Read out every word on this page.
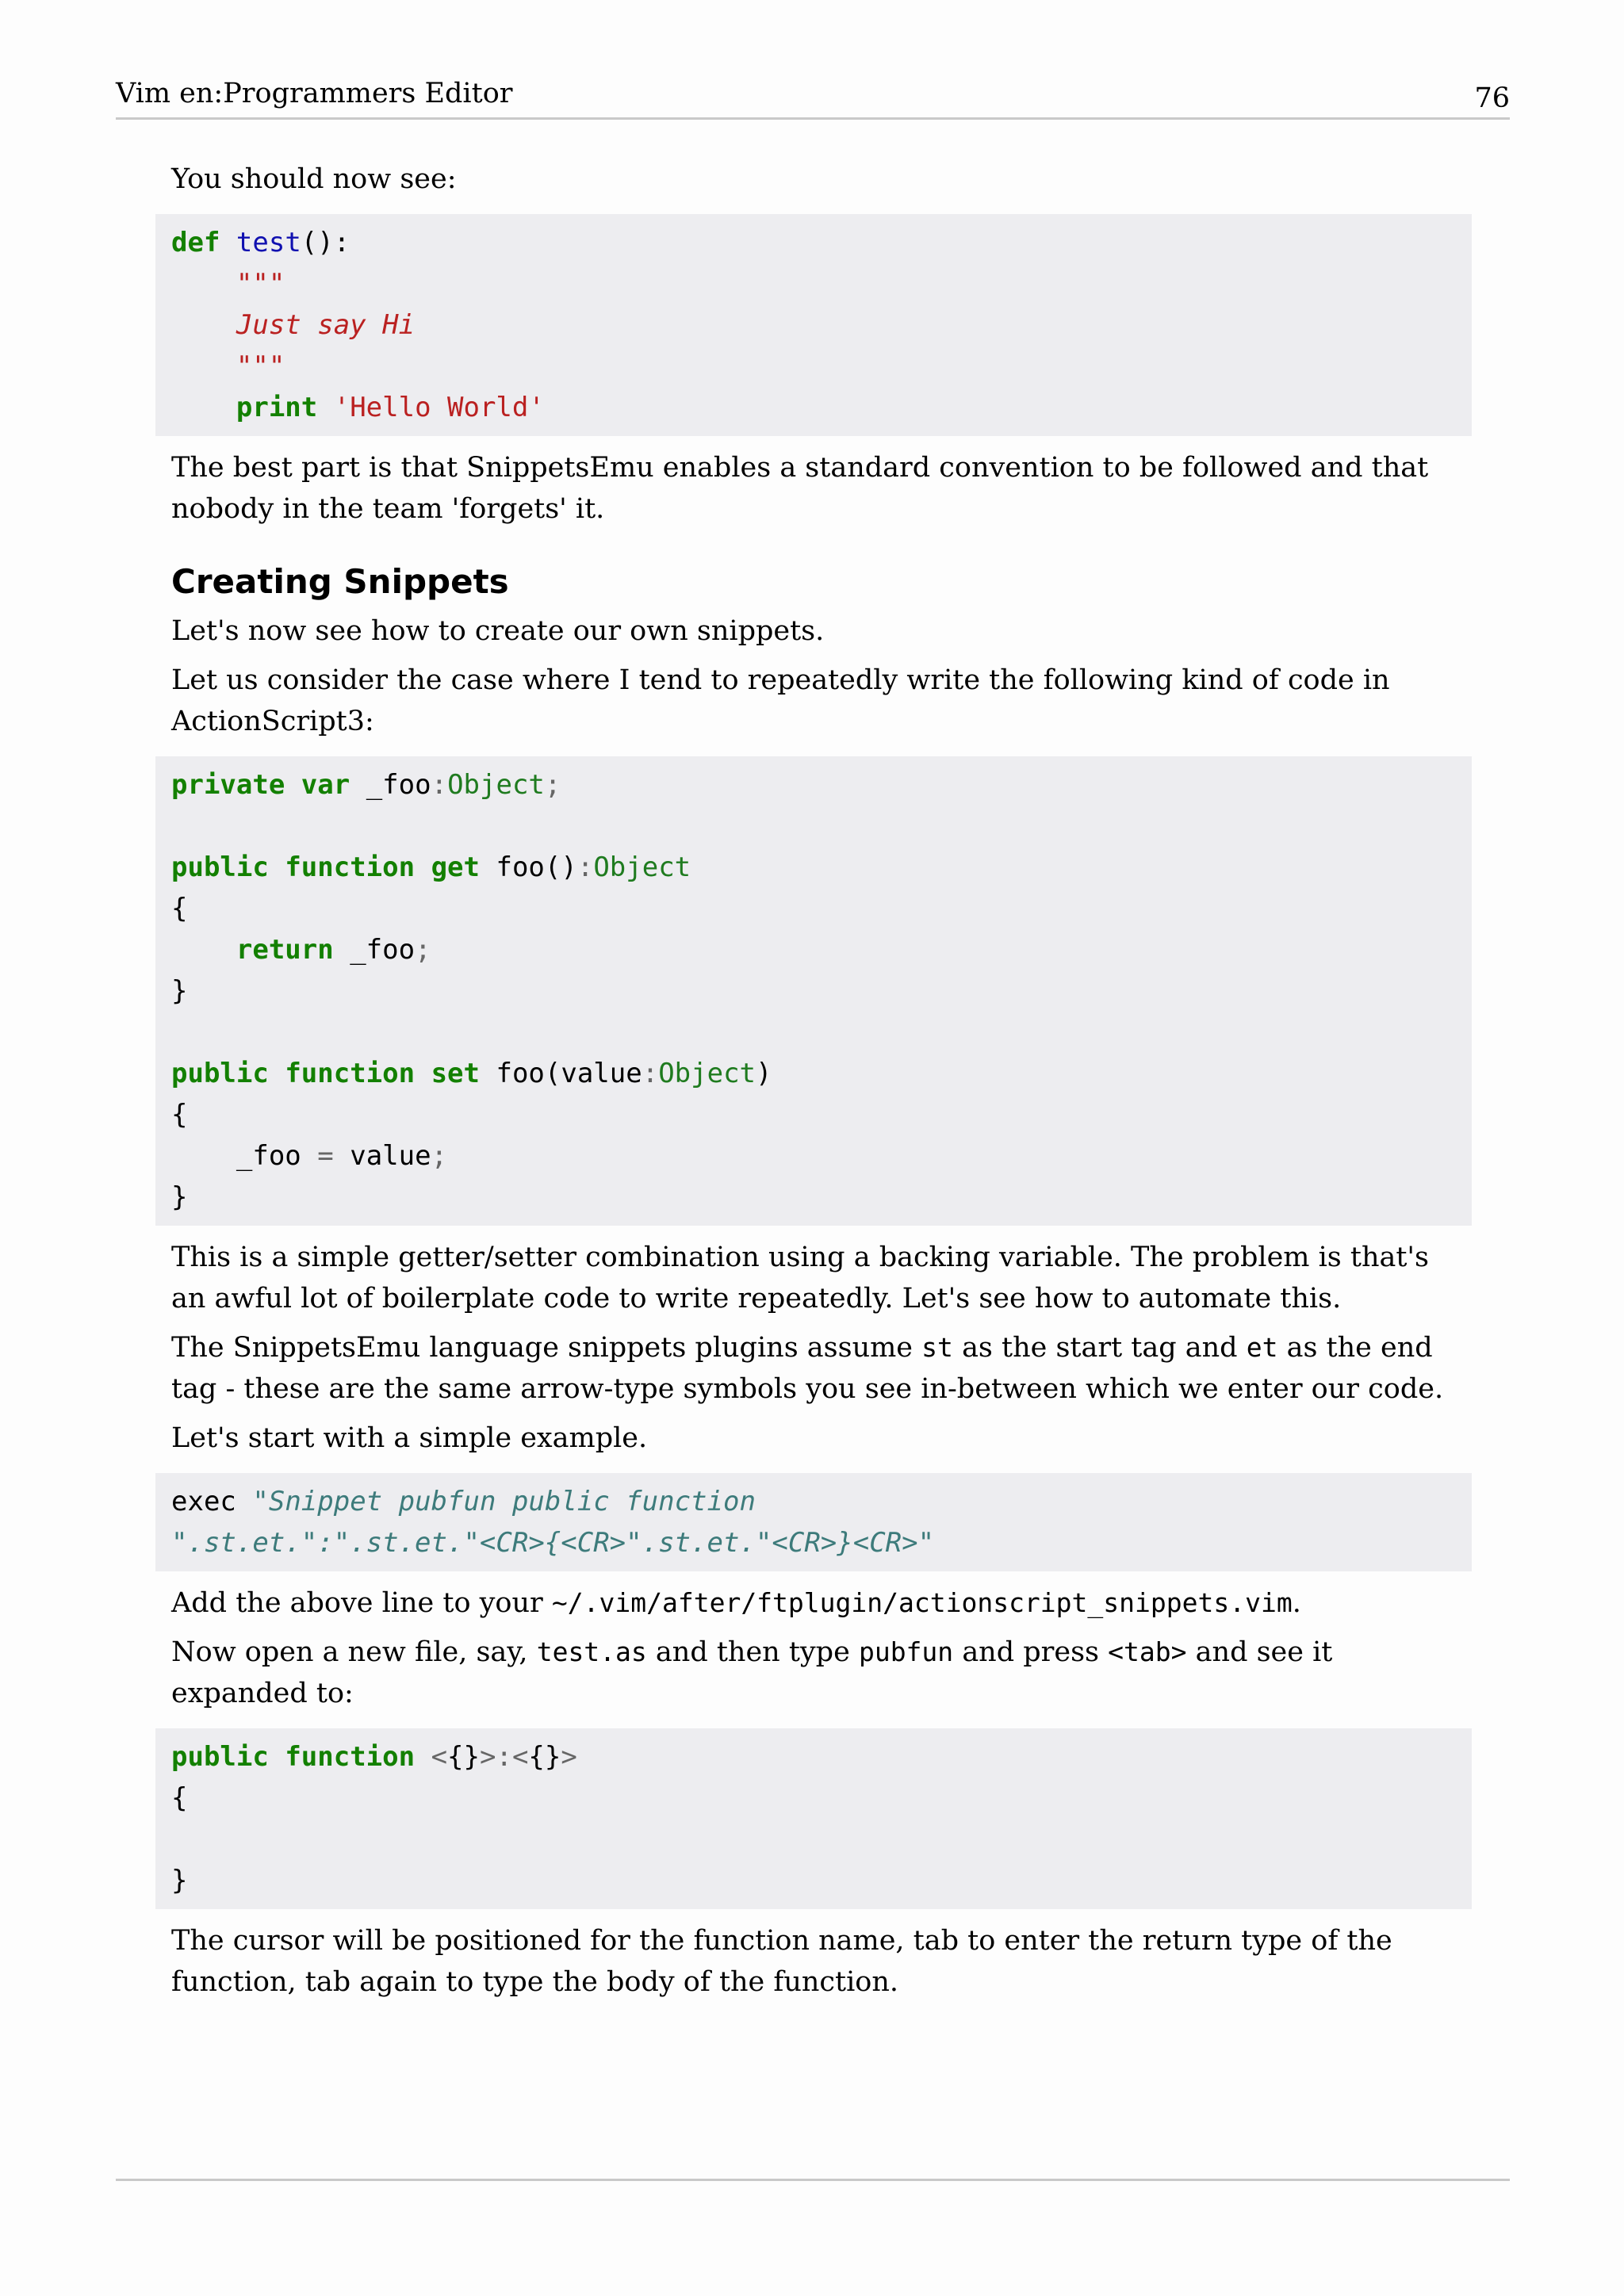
Vim en:Programmers Editor	76

You should now see:

def test():
"""
Just say Hi
"""
print 'Hello World'

The best part is that SnippetsEmu enables a standard convention to be followed and that nobody in the team 'forgets' it.

Creating Snippets

Let's now see how to create our own snippets.

Let us consider the case where I tend to repeatedly write the following kind of code in ActionScript3:

private var _foo:Object;

public function get foo():Object
{
return _foo;
}

public function set foo(value:Object)
{
_foo = value;
}

This is a simple getter/setter combination using a backing variable. The problem is that's an awful lot of boilerplate code to write repeatedly. Let's see how to automate this.

The SnippetsEmu language snippets plugins assume st as the start tag and et as the end tag - these are the same arrow-type symbols you see in-between which we enter our code.

Let's start with a simple example.

exec "Snippet pubfun public function
".st.et.":".st.et."<CR>{<CR>".st.et."<CR>}<CR>"

Add the above line to your ~/.vim/after/ftplugin/actionscript_snippets.vim.

Now open a new file, say, test.as and then type pubfun and press <tab> and see it expanded to:

public function <{}>:<{}>
{

}

The cursor will be positioned for the function name, tab to enter the return type of the function, tab again to type the body of the function.
